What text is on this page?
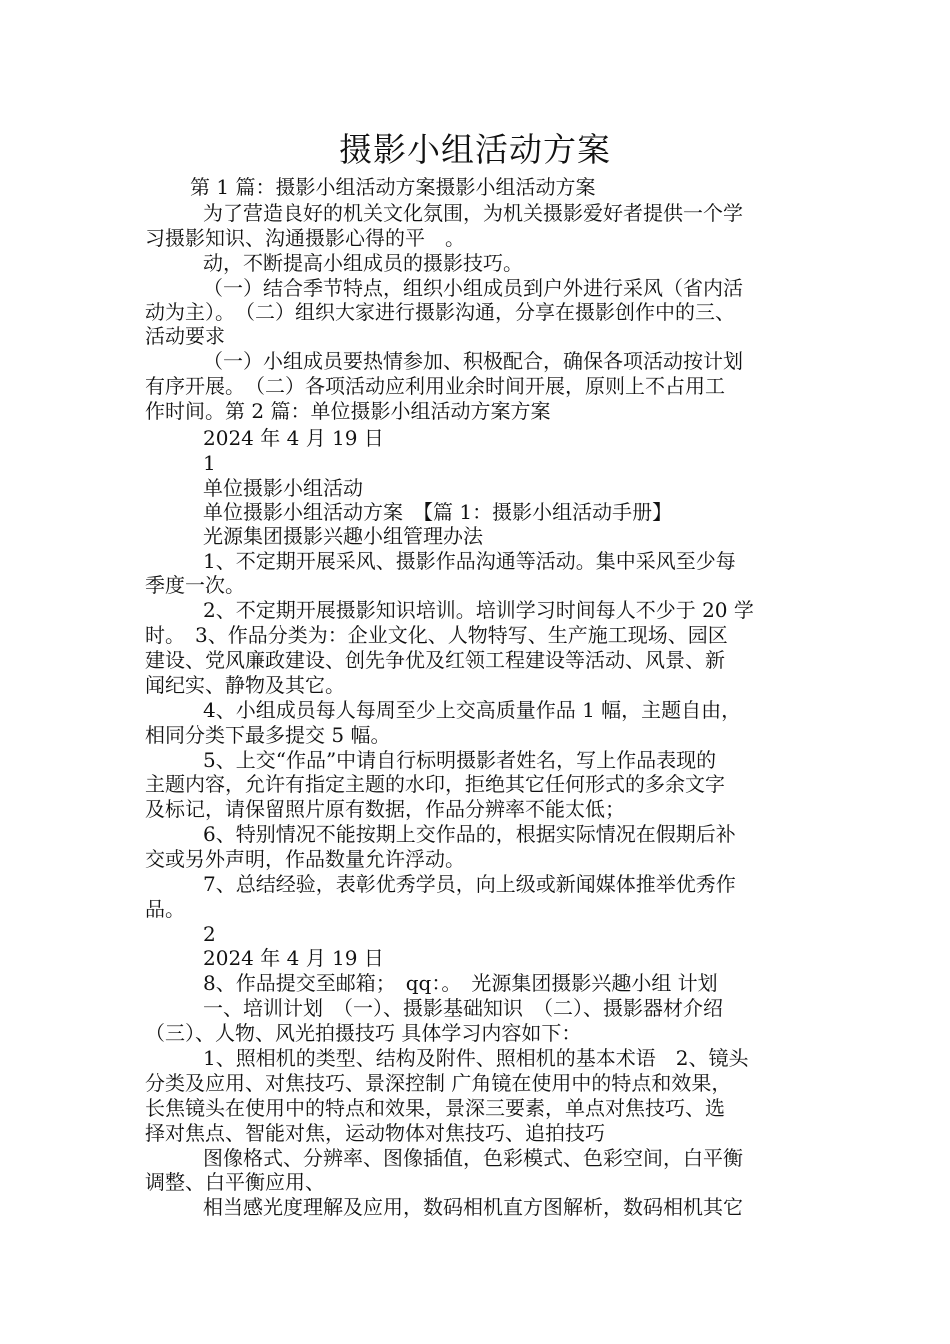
摄影小组活动方案
第 1 篇：摄影小组活动方案摄影小组活动方案
为了营造良好的机关文化氛围，为机关摄影爱好者提供一个学
习摄影知识、沟通摄影心得的平　。
动，不断提高小组成员的摄影技巧。
（一）结合季节特点，组织小组成员到户外进行采风（省内活
动为主）。　（二）组织大家进行摄影沟通，分享在摄影创作中的三、
活动要求
（一）小组成员要热情参加、积极配合，确保各项活动按计划
有序开展。　（二）各项活动应利用业余时间开展，原则上不占用工
作时间。第 2 篇：单位摄影小组活动方案方案
2024 年 4 月 19 日
1
单位摄影小组活动
单位摄影小组活动方案　【篇 1：摄影小组活动手册】
光源集团摄影兴趣小组管理办法
1、不定期开展采风、摄影作品沟通等活动。集中采风至少每
季度一次。
2、不定期开展摄影知识培训。培训学习时间每人不少于 20 学
时。　3、作品分类为：企业文化、人物特写、生产施工现场、园区
建设、党风廉政建设、创先争优及红领工程建设等活动、风景、新
闻纪实、静物及其它。
4、小组成员每人每周至少上交高质量作品 1 幅，主题自由，
相同分类下最多提交 5 幅。
5、上交“作品”中请自行标明摄影者姓名，写上作品表现的
主题内容，允许有指定主题的水印，拒绝其它任何形式的多余文字
及标记，请保留照片原有数据，作品分辨率不能太低；
6、特别情况不能按期上交作品的，根据实际情况在假期后补
交或另外声明，作品数量允许浮动。
7、总结经验，表彰优秀学员，向上级或新闻媒体推举优秀作
品。
2
2024 年 4 月 19 日
8、作品提交至邮箱；　qq：。　光源集团摄影兴趣小组 计划
一、培训计划　（一）、摄影基础知识　（二）、摄影器材介绍
（三）、人物、风光拍摄技巧 具体学习内容如下：
1、照相机的类型、结构及附件、照相机的基本术语　2、镜头
分类及应用、对焦技巧、景深控制 广角镜在使用中的特点和效果，
长焦镜头在使用中的特点和效果，景深三要素，单点对焦技巧、选
择对焦点、智能对焦，运动物体对焦技巧、追拍技巧
图像格式、分辨率、图像插值，色彩模式、色彩空间，白平衡
调整、白平衡应用、
相当感光度理解及应用，数码相机直方图解析，数码相机其它
